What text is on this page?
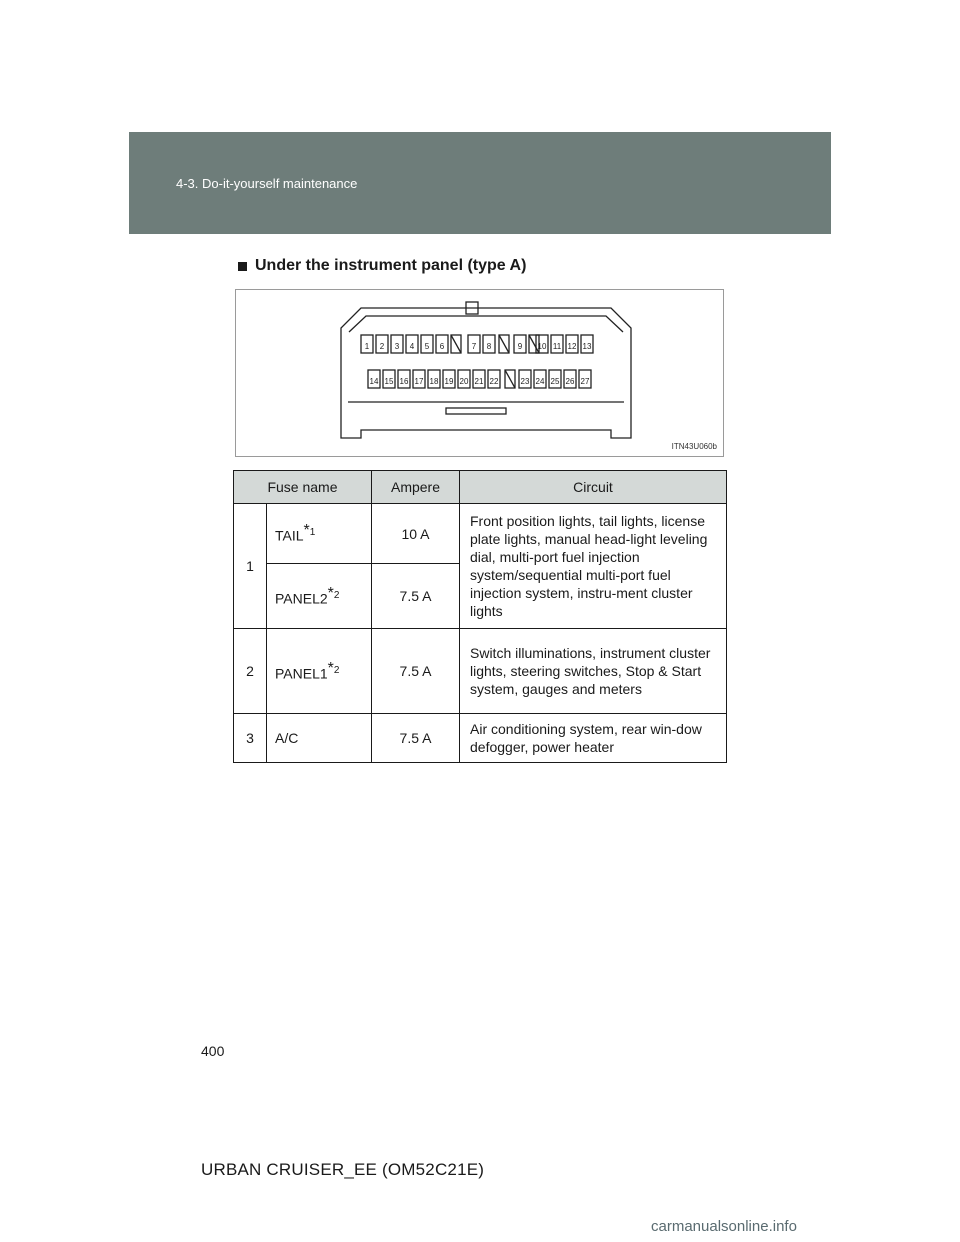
4-3. Do-it-yourself maintenance
Under the instrument panel (type A)
1 2 3 4 5 6	7 8	9 10 11 12 13
14 15 16 17 18 19 20 21 22	23 24 25 26 27
ITN43U060b
Fuse name		Ampere	Circuit
1	TAIL$^{*1}$	10 A	Front position lights, tail lights, license plate lights, manual head-light leveling dial, multi-port fuel injection system/sequential multi-port fuel injection system, instru-ment cluster lights
	PANEL2$^{*2}$	7.5 A	
2	PANEL1$^{*2}$	7.5 A	Switch illuminations, instrument cluster lights, steering switches, Stop & Start system, gauges and meters
3	A/C	7.5 A	Air conditioning system, rear win-dow defogger, power heater
400
URBAN CRUISER_EE (OM52C21E)
carmanualsonline.info
